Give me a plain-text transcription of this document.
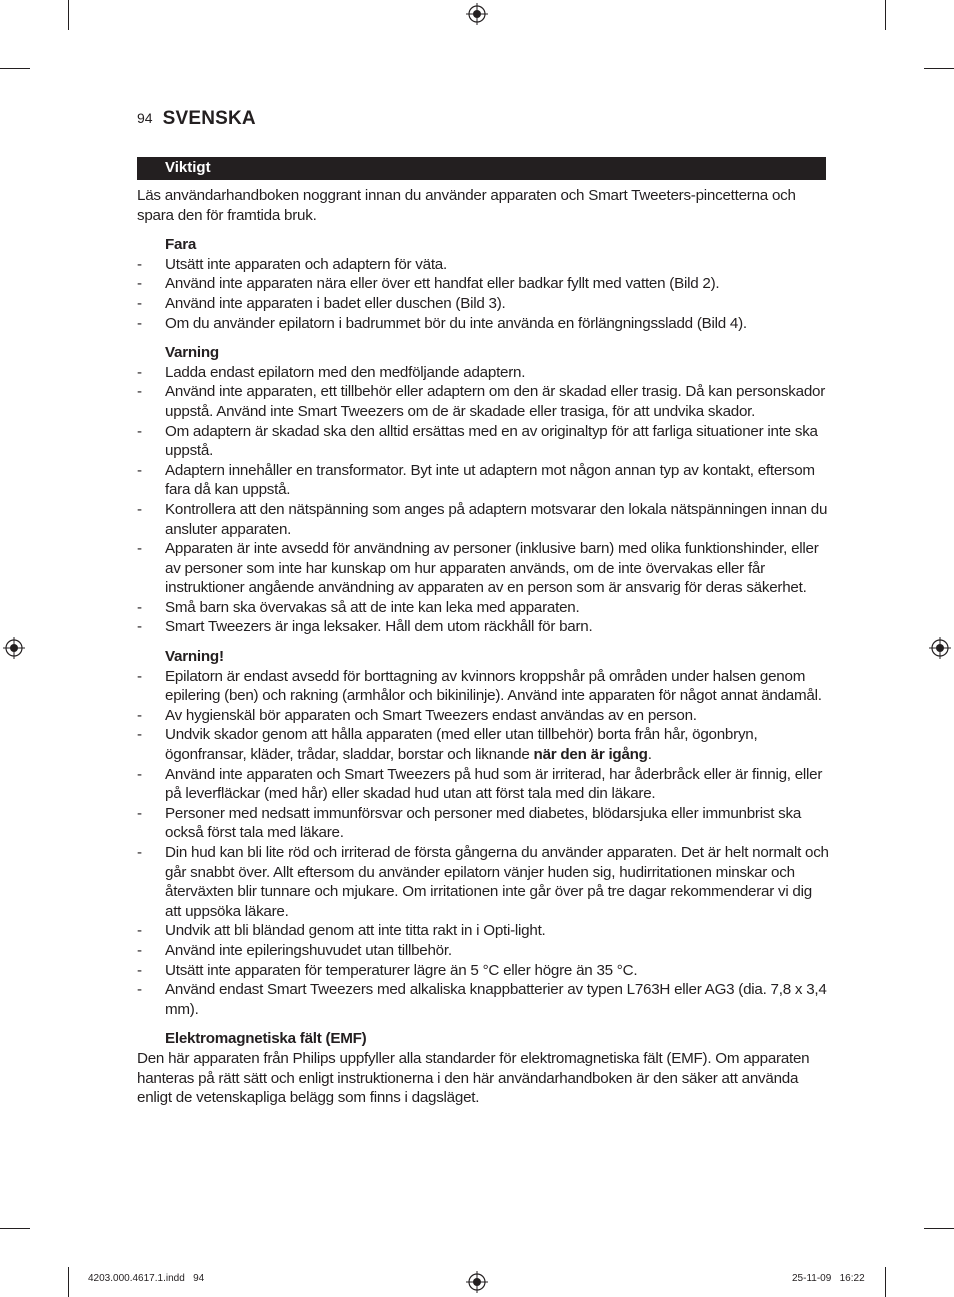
94 SVENSKA
Viktigt

Läs användarhandboken noggrant innan du använder apparaten och Smart Tweeters-pincetterna och spara den för framtida bruk.

Fara

- Utsätt inte apparaten och adaptern för väta.
- Använd inte apparaten nära eller över ett handfat eller badkar fyllt med vatten (Bild 2).
- Använd inte apparaten i badet eller duschen (Bild 3).
- Om du använder epilatorn i badrummet bör du inte använda en förlängningssladd (Bild 4).

Varning

- Ladda endast epilatorn med den medföljande adaptern.
- Använd inte apparaten, ett tillbehör eller adaptern om den är skadad eller trasig. Då kan personskador uppstå. Använd inte Smart Tweezers om de är skadade eller trasiga, för att undvika skador.
- Om adaptern är skadad ska den alltid ersättas med en av originaltyp för att farliga situationer inte ska uppstå.
- Adaptern innehåller en transformator. Byt inte ut adaptern mot någon annan typ av kontakt, eftersom fara då kan uppstå.
- Kontrollera att den nätspänning som anges på adaptern motsvarar den lokala nätspänningen innan du ansluter apparaten.
- Apparaten är inte avsedd för användning av personer (inklusive barn) med olika funktionshinder, eller av personer som inte har kunskap om hur apparaten används, om de inte övervakas eller får instruktioner angående användning av apparaten av en person som är ansvarig för deras säkerhet.
- Små barn ska övervakas så att de inte kan leka med apparaten.
- Smart Tweezers är inga leksaker. Håll dem utom räckhåll för barn.

Varning!

- Epilatorn är endast avsedd för borttagning av kvinnors kroppshår på områden under halsen genom epilering (ben) och rakning (armhålor och bikinilinje). Använd inte apparaten för något annat ändamål.
- Av hygienskäl bör apparaten och Smart Tweezers endast användas av en person.
- Undvik skador genom att hålla apparaten (med eller utan tillbehör) borta från hår, ögonbryn, ögonfransar, kläder, trådar, sladdar, borstar och liknande när den är igång.
- Använd inte apparaten och Smart Tweezers på hud som är irriterad, har åderbråck eller är finnig, eller på leverfläckar (med hår) eller skadad hud utan att först tala med din läkare.
- Personer med nedsatt immunförsvar och personer med diabetes, blödarsjuka eller immunbrist ska också först tala med läkare.
- Din hud kan bli lite röd och irriterad de första gångerna du använder apparaten. Det är helt normalt och går snabbt över. Allt eftersom du använder epilatorn vänjer huden sig, hudirritationen minskar och återväxten blir tunnare och mjukare. Om irritationen inte går över på tre dagar rekommenderar vi dig att uppsöka läkare.
- Undvik att bli bländad genom att inte titta rakt in i Opti-light.
- Använd inte epileringshuvudet utan tillbehör.
- Utsätt inte apparaten för temperaturer lägre än 5 °C eller högre än 35 °C.
- Använd endast Smart Tweezers med alkaliska knappbatterier av typen L763H eller AG3 (dia. 7,8 x 3,4 mm).

Elektromagnetiska fält (EMF)

Den här apparaten från Philips uppfyller alla standarder för elektromagnetiska fält (EMF). Om apparaten hanteras på rätt sätt och enligt instruktionerna i den här användarhandboken är den säker att använda enligt de vetenskapliga belägg som finns i dagsläget.

4203.000.4617.1.indd   94	25-11-09   16:22
